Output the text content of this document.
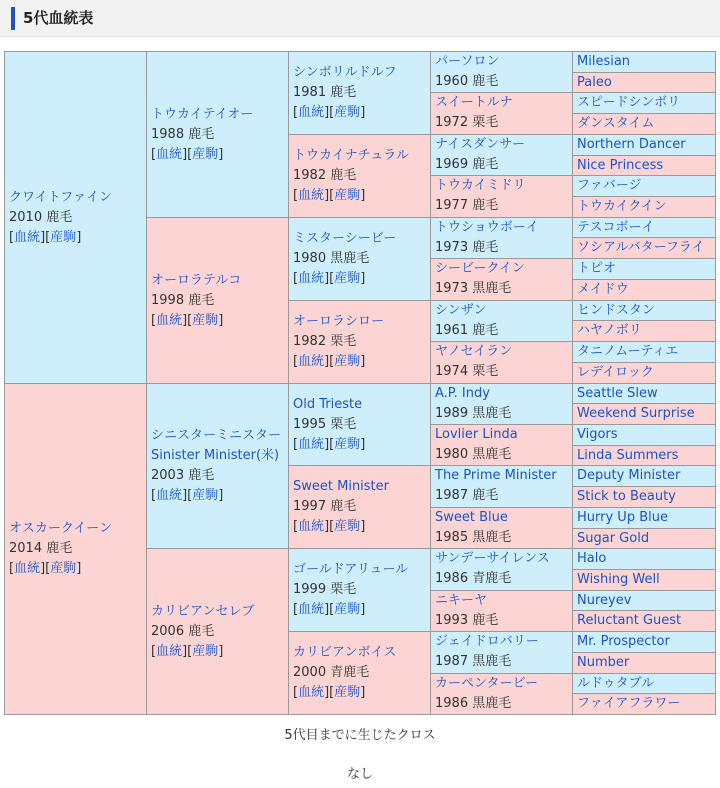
5代血統表
クワイトファイン
2010 鹿毛
[血統][産駒]
オスカークイーン
2014 鹿毛
[血統][産駒]
トウカイテイオー
1988 鹿毛
[血統][産駒]
オーロラテルコ
1998 鹿毛
[血統][産駒]
シニスターミニスター
Sinister Minister(米)
2003 鹿毛
[血統][産駒]
カリビアンセレブ
2006 鹿毛
[血統][産駒]
シンボリルドルフ
1981 鹿毛
[血統][産駒]
トウカイナチュラル
1982 鹿毛
[血統][産駒]
ミスターシービー
1980 黒鹿毛
[血統][産駒]
オーロラシロー
1982 栗毛
[血統][産駒]
Old Trieste
1995 栗毛
[血統][産駒]
Sweet Minister
1997 鹿毛
[血統][産駒]
ゴールドアリュール
1999 栗毛
[血統][産駒]
カリビアンボイス
2000 青鹿毛
[血統][産駒]
パーソロン
1960 鹿毛
スイートルナ
1972 栗毛
ナイスダンサー
1969 鹿毛
トウカイミドリ
1977 鹿毛
トウショウボーイ
1973 鹿毛
シービークイン
1973 黒鹿毛
シンザン
1961 鹿毛
ヤノセイラン
1974 栗毛
A.P. Indy
1989 黒鹿毛
Lovlier Linda
1980 黒鹿毛
The Prime Minister
1987 鹿毛
Sweet Blue
1985 黒鹿毛
サンデーサイレンス
1986 青鹿毛
ニキーヤ
1993 鹿毛
ジェイドロバリー
1987 黒鹿毛
カーペンタービー
1986 黒鹿毛
Milesian
Paleo
スピードシンボリ
ダンスタイム
Northern Dancer
Nice Princess
ファバージ
トウカイクイン
テスコボーイ
ソシアルバターフライ
トピオ
メイドウ
ヒンドスタン
ハヤノボリ
タニノムーティエ
レデイロック
Seattle Slew
Weekend Surprise
Vigors
Linda Summers
Deputy Minister
Stick to Beauty
Hurry Up Blue
Sugar Gold
Halo
Wishing Well
Nureyev
Reluctant Guest
Mr. Prospector
Number
ルドゥタブル
ファイアフラワー
5代目までに生じたクロス
なし
